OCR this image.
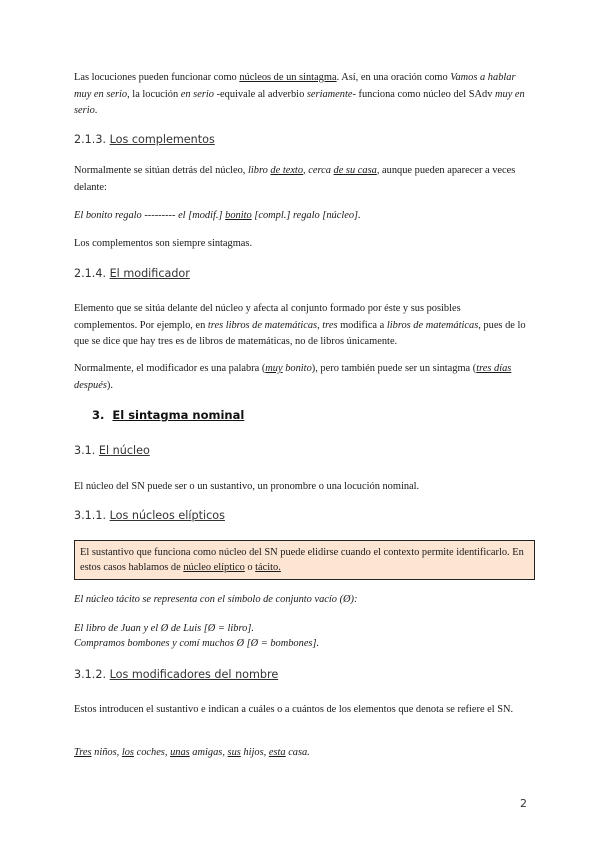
Las locuciones pueden funcionar como núcleos de un sintagma. Así, en una oración como Vamos a hablar muy en serio, la locución en serio -equivale al adverbio seriamente- funciona como núcleo del SAdv muy en serio.

2.1.3. Los complementos

Normalmente se sitúan detrás del núcleo, libro de texto, cerca de su casa, aunque pueden aparecer a veces delante:

El bonito regalo --------- el [modif.] bonito [compl.] regalo [núcleo].

Los complementos son siempre sintagmas.

2.1.4. El modificador

Elemento que se sitúa delante del núcleo y afecta al conjunto formado por éste y sus posibles complementos. Por ejemplo, en tres libros de matemáticas, tres modifica a libros de matemáticas, pues de lo que se dice que hay tres es de libros de matemáticas, no de libros únicamente.

Normalmente, el modificador es una palabra (muy bonito), pero también puede ser un sintagma (tres días después).

3. El sintagma nominal

3.1. El núcleo

El núcleo del SN puede ser o un sustantivo, un pronombre o una locución nominal.

3.1.1. Los núcleos elípticos

El sustantivo que funciona como núcleo del SN puede elidirse cuando el contexto permite identificarlo. En estos casos hablamos de núcleo elíptico o tácito.

El núcleo tácito se representa con el símbolo de conjunto vacío (Ø):

El libro de Juan y el Ø de Luis [Ø = libro].

Compramos bombones y comí muchos Ø [Ø = bombones].

3.1.2. Los modificadores del nombre

Estos introducen el sustantivo e indican a cuáles o a cuántos de los elementos que denota se refiere el SN.

Tres niños, los coches, unas amigas, sus hijos, esta casa.

2
